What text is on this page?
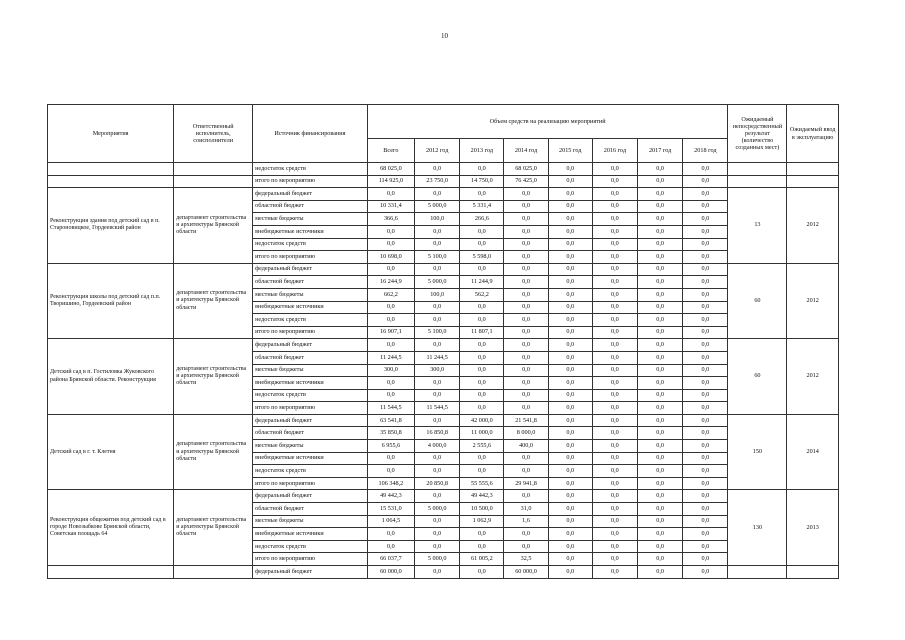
10
Мероприятия	Ответственный исполнитель, соисполнители	Источник финансирования	Объем средств на реализацию мероприятий								Ожидаемый непосредственный результат (количество созданных мест)	Ожидаемый ввод в эксплуатацию
			Всего	2012 год	2013 год	2014 год	2015 год	2016 год	2017 год	2018 год		
		недостаток средств	68 025,0	0,0	0,0	68 025,0	0,0	0,0	0,0	0,0		
		итого по мероприятию	114 925,0	23 750,0	14 750,0	76 425,0	0,0	0,0	0,0	0,0		
Реконструкция здания под детский сад в п. Староновицкое, Гордеевский район	департамент строительства и архитектуры Брянской области	федеральный бюджет	0,0	0,0	0,0	0,0	0,0	0,0	0,0	0,0	13	2012
		областной бюджет	10 331,4	5 000,0	5 331,4	0,0	0,0	0,0	0,0	0,0		
		местные бюджеты	366,6	100,0	266,6	0,0	0,0	0,0	0,0	0,0		
		внебюджетные источники	0,0	0,0	0,0	0,0	0,0	0,0	0,0	0,0		
		недостаток средств	0,0	0,0	0,0	0,0	0,0	0,0	0,0	0,0		
		итого по мероприятию	10 698,0	5 100,0	5 598,0	0,0	0,0	0,0	0,0	0,0		
Реконструкция школы под детский сад п.п. Творишино, Гордеевский район	департамент строительства и архитектуры Брянской области	федеральный бюджет	0,0	0,0	0,0	0,0	0,0	0,0	0,0	0,0	60	2012
		областной бюджет	16 244,9	5 000,0	11 244,9	0,0	0,0	0,0	0,0	0,0		
		местные бюджеты	662,2	100,0	562,2	0,0	0,0	0,0	0,0	0,0		
		внебюджетные источники	0,0	0,0	0,0	0,0	0,0	0,0	0,0	0,0		
		недостаток средств	0,0	0,0	0,0	0,0	0,0	0,0	0,0	0,0		
		итого по мероприятию	16 907,1	5 100,0	11 807,1	0,0	0,0	0,0	0,0	0,0		
Детский сад в п. Гостиловка Жуковского района Брянской области. Реконструкция	департамент строительства и архитектуры Брянской области	федеральный бюджет	0,0	0,0	0,0	0,0	0,0	0,0	0,0	0,0	60	2012
		областной бюджет	11 244,5	11 244,5	0,0	0,0	0,0	0,0	0,0	0,0		
		местные бюджеты	300,0	300,0	0,0	0,0	0,0	0,0	0,0	0,0		
		внебюджетные источники	0,0	0,0	0,0	0,0	0,0	0,0	0,0	0,0		
		недостаток средств	0,0	0,0	0,0	0,0	0,0	0,0	0,0	0,0		
		итого по мероприятию	11 544,5	11 544,5	0,0	0,0	0,0	0,0	0,0	0,0		
Детский сад в г. т. Клетня	департамент строительства и архитектуры Брянской области	федеральный бюджет	63 541,8	0,0	42 000,0	21 541,8	0,0	0,0	0,0	0,0	150	2014
		областной бюджет	35 850,8	16 850,8	11 000,0	8 000,0	0,0	0,0	0,0	0,0		
		местные бюджеты	6 955,6	4 000,0	2 555,6	400,0	0,0	0,0	0,0	0,0		
		внебюджетные источники	0,0	0,0	0,0	0,0	0,0	0,0	0,0	0,0		
		недостаток средств	0,0	0,0	0,0	0,0	0,0	0,0	0,0	0,0		
		итого по мероприятию	106 348,2	20 850,8	55 555,6	29 941,8	0,0	0,0	0,0	0,0		
Реконструкция общежития под детский сад в городе Новозыбкове Брянской области, Советская площадь 64	департамент строительства и архитектуры Брянской области	федеральный бюджет	49 442,3	0,0	49 442,3	0,0	0,0	0,0	0,0	0,0	130	2013
		областной бюджет	15 531,0	5 000,0	10 500,0	31,0	0,0	0,0	0,0	0,0		
		местные бюджеты	1 064,5	0,0	1 062,9	1,6	0,0	0,0	0,0	0,0		
		внебюджетные источники	0,0	0,0	0,0	0,0	0,0	0,0	0,0	0,0		
		недостаток средств	0,0	0,0	0,0	0,0	0,0	0,0	0,0	0,0		
		итого по мероприятию	66 037,7	5 000,0	61 005,2	32,5	0,0	0,0	0,0	0,0		
		федеральный бюджет	60 000,0	0,0	0,0	60 000,0	0,0	0,0	0,0	0,0		
